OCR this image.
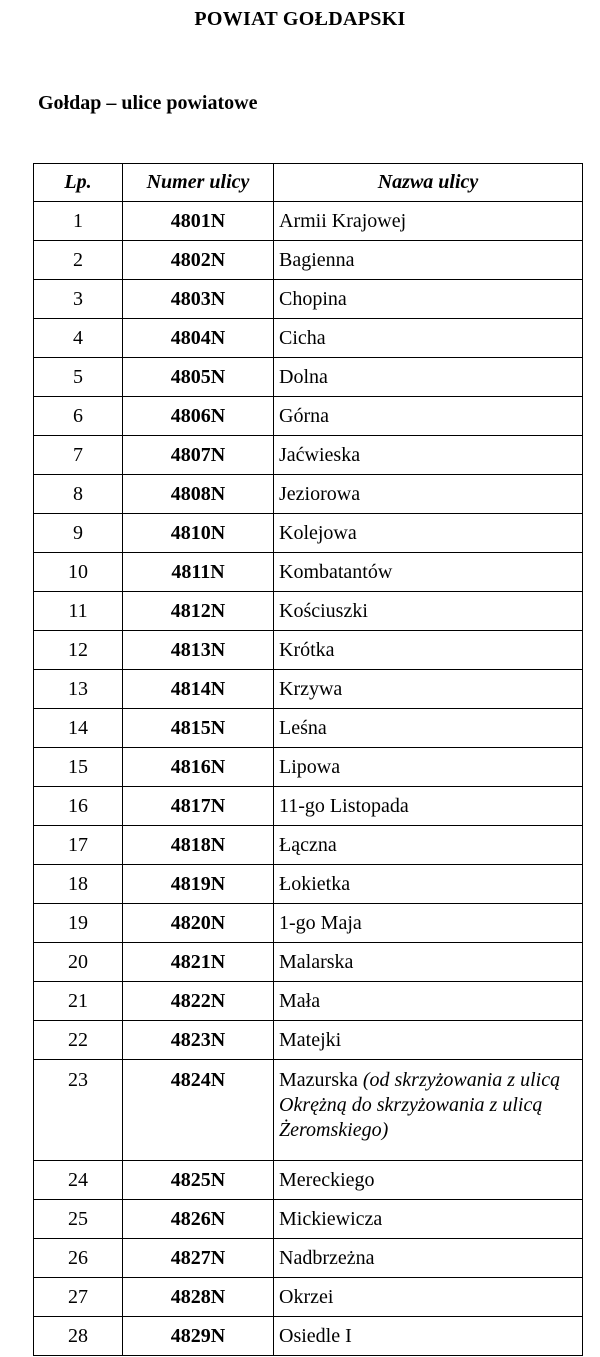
POWIAT GOŁDAPSKI
Gołdap – ulice powiatowe
Lp.	Numer ulicy	Nazwa ulicy
1	4801N	Armii Krajowej
2	4802N	Bagienna
3	4803N	Chopina
4	4804N	Cicha
5	4805N	Dolna
6	4806N	Górna
7	4807N	Jaćwieska
8	4808N	Jeziorowa
9	4810N	Kolejowa
10	4811N	Kombatantów
11	4812N	Kościuszki
12	4813N	Krótka
13	4814N	Krzywa
14	4815N	Leśna
15	4816N	Lipowa
16	4817N	11-go Listopada
17	4818N	Łączna
18	4819N	Łokietka
19	4820N	1-go Maja
20	4821N	Malarska
21	4822N	Mała
22	4823N	Matejki
23	4824N	Mazurska (od skrzyżowania z ulicą Okrężną do skrzyżowania z ulicą Żeromskiego)
24	4825N	Mereckiego
25	4826N	Mickiewicza
26	4827N	Nadbrzeżna
27	4828N	Okrzei
28	4829N	Osiedle I
